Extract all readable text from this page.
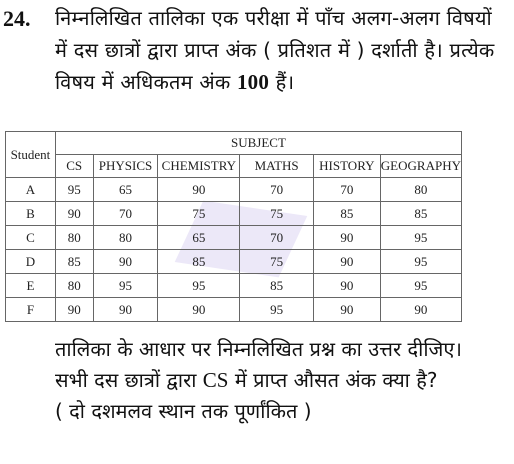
24. निम्नलिखित तालिका एक परीक्षा में पाँच अलग-अलग विषयों में दस छात्रों द्वारा प्राप्त अंक ( प्रतिशत में ) दर्शाती है। प्रत्येक विषय में अधिकतम अंक 100 हैं।
Student	SUBJECT					
	CS	PHYSICS	CHEMISTRY	MATHS	HISTORY	GEOGRAPHY
A	95	65	90	70	70	80
B	90	70	75	75	85	85
C	80	80	65	70	90	95
D	85	90	85	75	90	95
E	80	95	95	85	90	95
F	90	90	90	95	90	90
तालिका के आधार पर निम्नलिखित प्रश्न का उत्तर दीजिए।
सभी दस छात्रों द्वारा CS में प्राप्त औसत अंक क्या है?
( दो दशमलव स्थान तक पूर्णांकित )
